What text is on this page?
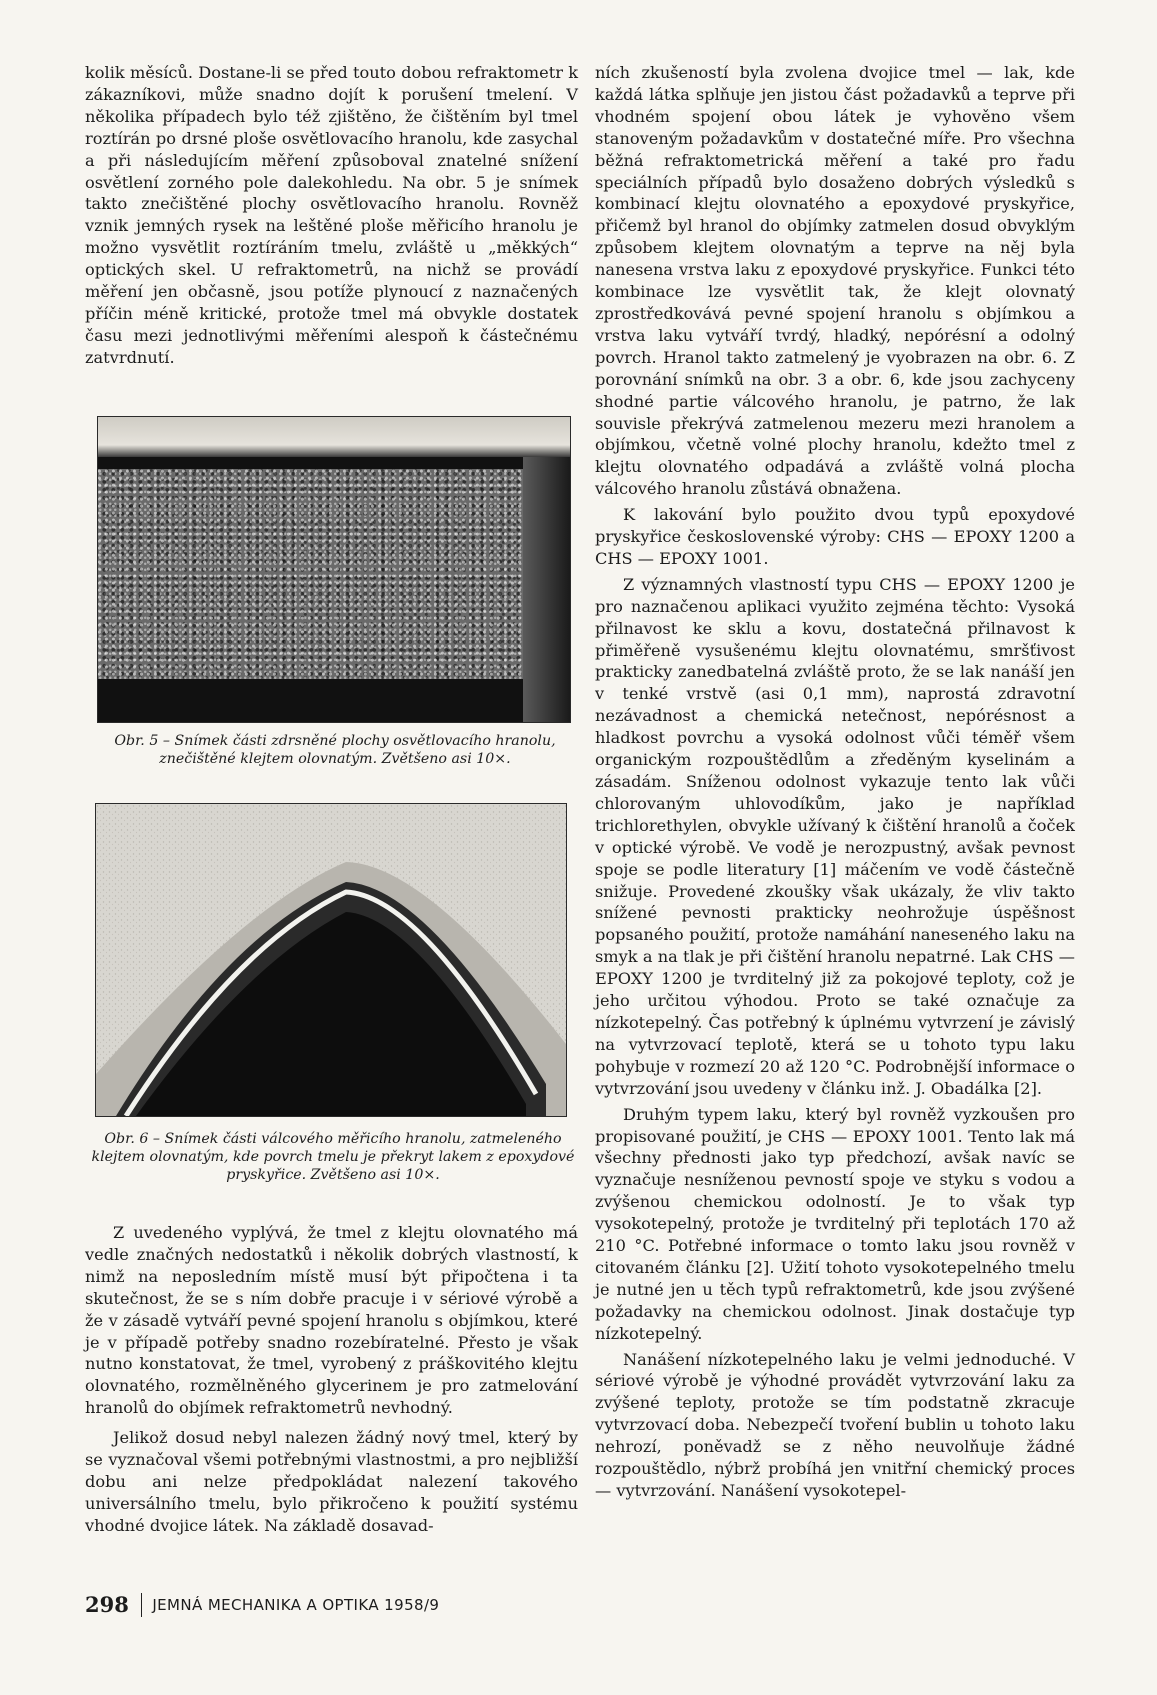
kolik měsíců. Dostane-li se před touto dobou refraktometr k zákazníkovi, může snadno dojít k porušení tmelení. V několika případech bylo též zjištěno, že čištěním byl tmel roztírán po drsné ploše osvětlovacího hranolu, kde zasychal a při následujícím měření způsoboval znatelné snížení osvětlení zorného pole dalekohledu. Na obr. 5 je snímek takto znečištěné plochy osvětlovacího hranolu. Rovněž vznik jemných rysek na leštěné ploše měřicího hranolu je možno vysvětlit roztíráním tmelu, zvláště u „měkkých“ optických skel. U refraktometrů, na nichž se provádí měření jen občasně, jsou potíže plynoucí z naznačených příčin méně kritické, protože tmel má obvykle dostatek času mezi jednotlivými měřeními alespoň k částečnému zatvrdnutí.

Obr. 5 – Snímek části zdrsněné plochy osvětlovacího hranolu, znečištěné klejtem olovnatým. Zvětšeno asi 10×.
Obr. 6 – Snímek části válcového měřicího hranolu, zatmeleného klejtem olovnatým, kde povrch tmelu je překryt lakem z epoxydové pryskyřice. Zvětšeno asi 10×.

Z uvedeného vyplývá, že tmel z klejtu olovnatého má vedle značných nedostatků i několik dobrých vlastností, k nimž na neposledním místě musí být připočtena i ta skutečnost, že se s ním dobře pracuje i v sériové výrobě a že v zásadě vytváří pevné spojení hranolu s objímkou, které je v případě potřeby snadno rozebíratelné. Přesto je však nutno konstatovat, že tmel, vyrobený z práškovitého klejtu olovnatého, rozmělněného glycerinem je pro zatmelování hranolů do objímek refraktometrů nevhodný.

Jelikož dosud nebyl nalezen žádný nový tmel, který by se vyznačoval všemi potřebnými vlastnostmi, a pro nejbližší dobu ani nelze předpokládat nalezení takového universálního tmelu, bylo přikročeno k použití systému vhodné dvojice látek. Na základě dosavad-

ních zkušeností byla zvolena dvojice tmel — lak, kde každá látka splňuje jen jistou část požadavků a teprve při vhodném spojení obou látek je vyhověno všem stanoveným požadavkům v dostatečné míře. Pro všechna běžná refraktometrická měření a také pro řadu speciálních případů bylo dosaženo dobrých výsledků s kombinací klejtu olovnatého a epoxydové pryskyřice, přičemž byl hranol do objímky zatmelen dosud obvyklým způsobem klejtem olovnatým a teprve na něj byla nanesena vrstva laku z epoxydové pryskyřice. Funkci této kombinace lze vysvětlit tak, že klejt olovnatý zprostředkovává pevné spojení hranolu s objímkou a vrstva laku vytváří tvrdý, hladký, nepórésní a odolný povrch. Hranol takto zatmelený je vyobrazen na obr. 6. Z porovnání snímků na obr. 3 a obr. 6, kde jsou zachyceny shodné partie válcového hranolu, je patrno, že lak souvisle překrývá zatmelenou mezeru mezi hranolem a objímkou, včetně volné plochy hranolu, kdežto tmel z klejtu olovnatého odpadává a zvláště volná plocha válcového hranolu zůstává obnažena.

K lakování bylo použito dvou typů epoxydové pryskyřice československé výroby: CHS — EPOXY 1200 a CHS — EPOXY 1001.

Z významných vlastností typu CHS — EPOXY 1200 je pro naznačenou aplikaci využito zejména těchto: Vysoká přilnavost ke sklu a kovu, dostatečná přilnavost k přiměřeně vysušenému klejtu olovnatému, smršťivost prakticky zanedbatelná zvláště proto, že se lak nanáší jen v tenké vrstvě (asi 0,1 mm), naprostá zdravotní nezávadnost a chemická netečnost, nepórésnost a hladkost povrchu a vysoká odolnost vůči téměř všem organickým rozpouštědlům a zředěným kyselinám a zásadám. Sníženou odolnost vykazuje tento lak vůči chlorovaným uhlovodíkům, jako je například trichlorethylen, obvykle užívaný k čištění hranolů a čoček v optické výrobě. Ve vodě je nerozpustný, avšak pevnost spoje se podle literatury [1] máčením ve vodě částečně snižuje. Provedené zkoušky však ukázaly, že vliv takto snížené pevnosti prakticky neohrožuje úspěšnost popsaného použití, protože namáhání naneseného laku na smyk a na tlak je při čištění hranolu nepatrné. Lak CHS — EPOXY 1200 je tvrditelný již za pokojové teploty, což je jeho určitou výhodou. Proto se také označuje za nízkotepelný. Čas potřebný k úplnému vytvrzení je závislý na vytvrzovací teplotě, která se u tohoto typu laku pohybuje v rozmezí 20 až 120 °C. Podrobnější informace o vytvrzování jsou uvedeny v článku inž. J. Obadálka [2].

Druhým typem laku, který byl rovněž vyzkoušen pro propisované použití, je CHS — EPOXY 1001. Tento lak má všechny přednosti jako typ předchozí, avšak navíc se vyznačuje nesníženou pevností spoje ve styku s vodou a zvýšenou chemickou odolností. Je to však typ vysokotepelný, protože je tvrditelný při teplotách 170 až 210 °C. Potřebné informace o tomto laku jsou rovněž v citovaném článku [2]. Užití tohoto vysokotepelného tmelu je nutné jen u těch typů refraktometrů, kde jsou zvýšené požadavky na chemickou odolnost. Jinak dostačuje typ nízkotepelný.

Nanášení nízkotepelného laku je velmi jednoduché. V sériové výrobě je výhodné provádět vytvrzování laku za zvýšené teploty, protože se tím podstatně zkracuje vytvrzovací doba. Nebezpečí tvoření bublin u tohoto laku nehrozí, poněvadž se z něho neuvolňuje žádné rozpouštědlo, nýbrž probíhá jen vnitřní chemický proces — vytvrzování. Nanášení vysokotepel-

298 JEMNÁ MECHANIKA A OPTIKA 1958/9
